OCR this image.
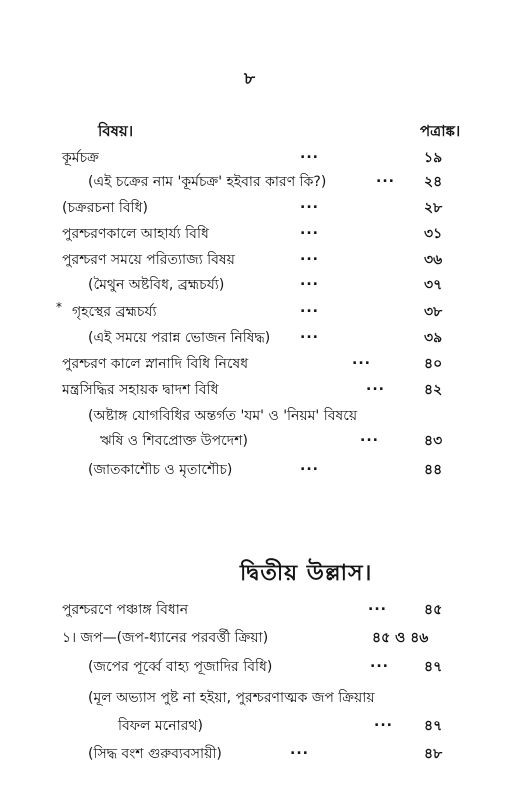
৮
বিষয়।	পত্রাঙ্ক।
কূর্মচক্র	...	১৯
(এই চক্রের নাম 'কূর্মচক্র' হইবার কারণ কি?)	... ২৪
(চক্ররচনা বিধি)	...	২৮
পুরশ্চরণকালে আহার্য্য বিধি	...	৩১
পুরশ্চরণ সময়ে পরিত্যাজ্য বিষয়	...	৩৬
(মৈথুন অষ্টবিধ, ব্রহ্মচর্য্য)	...	৩৭
* গৃহস্থের ব্রহ্মচর্য্য	...	৩৮
(এই সময়ে পরান্ন ভোজন নিষিদ্ধ) ...	৩৯
পুরশ্চরণ কালে স্নানাদি বিধি নিষেধ	...	৪০
মন্ত্রসিদ্ধির সহায়ক দ্বাদশ বিধি	...	৪২
(অষ্টাঙ্গ যোগবিধির অন্তর্গত 'যম' ও 'নিয়ম' বিষয়ে
ঋষি ও শিবপ্রোক্ত উপদেশ)	...	৪৩
(জাতকাশৌচ ও মৃতাশৌচ)	...	৪৪
দ্বিতীয় উল্লাস।
পুরশ্চরণে পঞ্চাঙ্গ বিধান	...	৪৫
১। জপ—(জপ-ধ্যানের পরবর্ত্তী ক্রিয়া)	৪৫ ও ৪৬
(জপের পূর্ব্বে বাহ্য পূজাদির বিধি)	...	৪৭
(মূল অভ্যাস পুষ্ট না হইয়া, পুরশ্চরণাত্মক জপ ক্রিয়ায়
বিফল মনোরথ)	... ৪৭
(সিদ্ধ বংশ গুরুব্যবসায়ী)	...	৪৮
